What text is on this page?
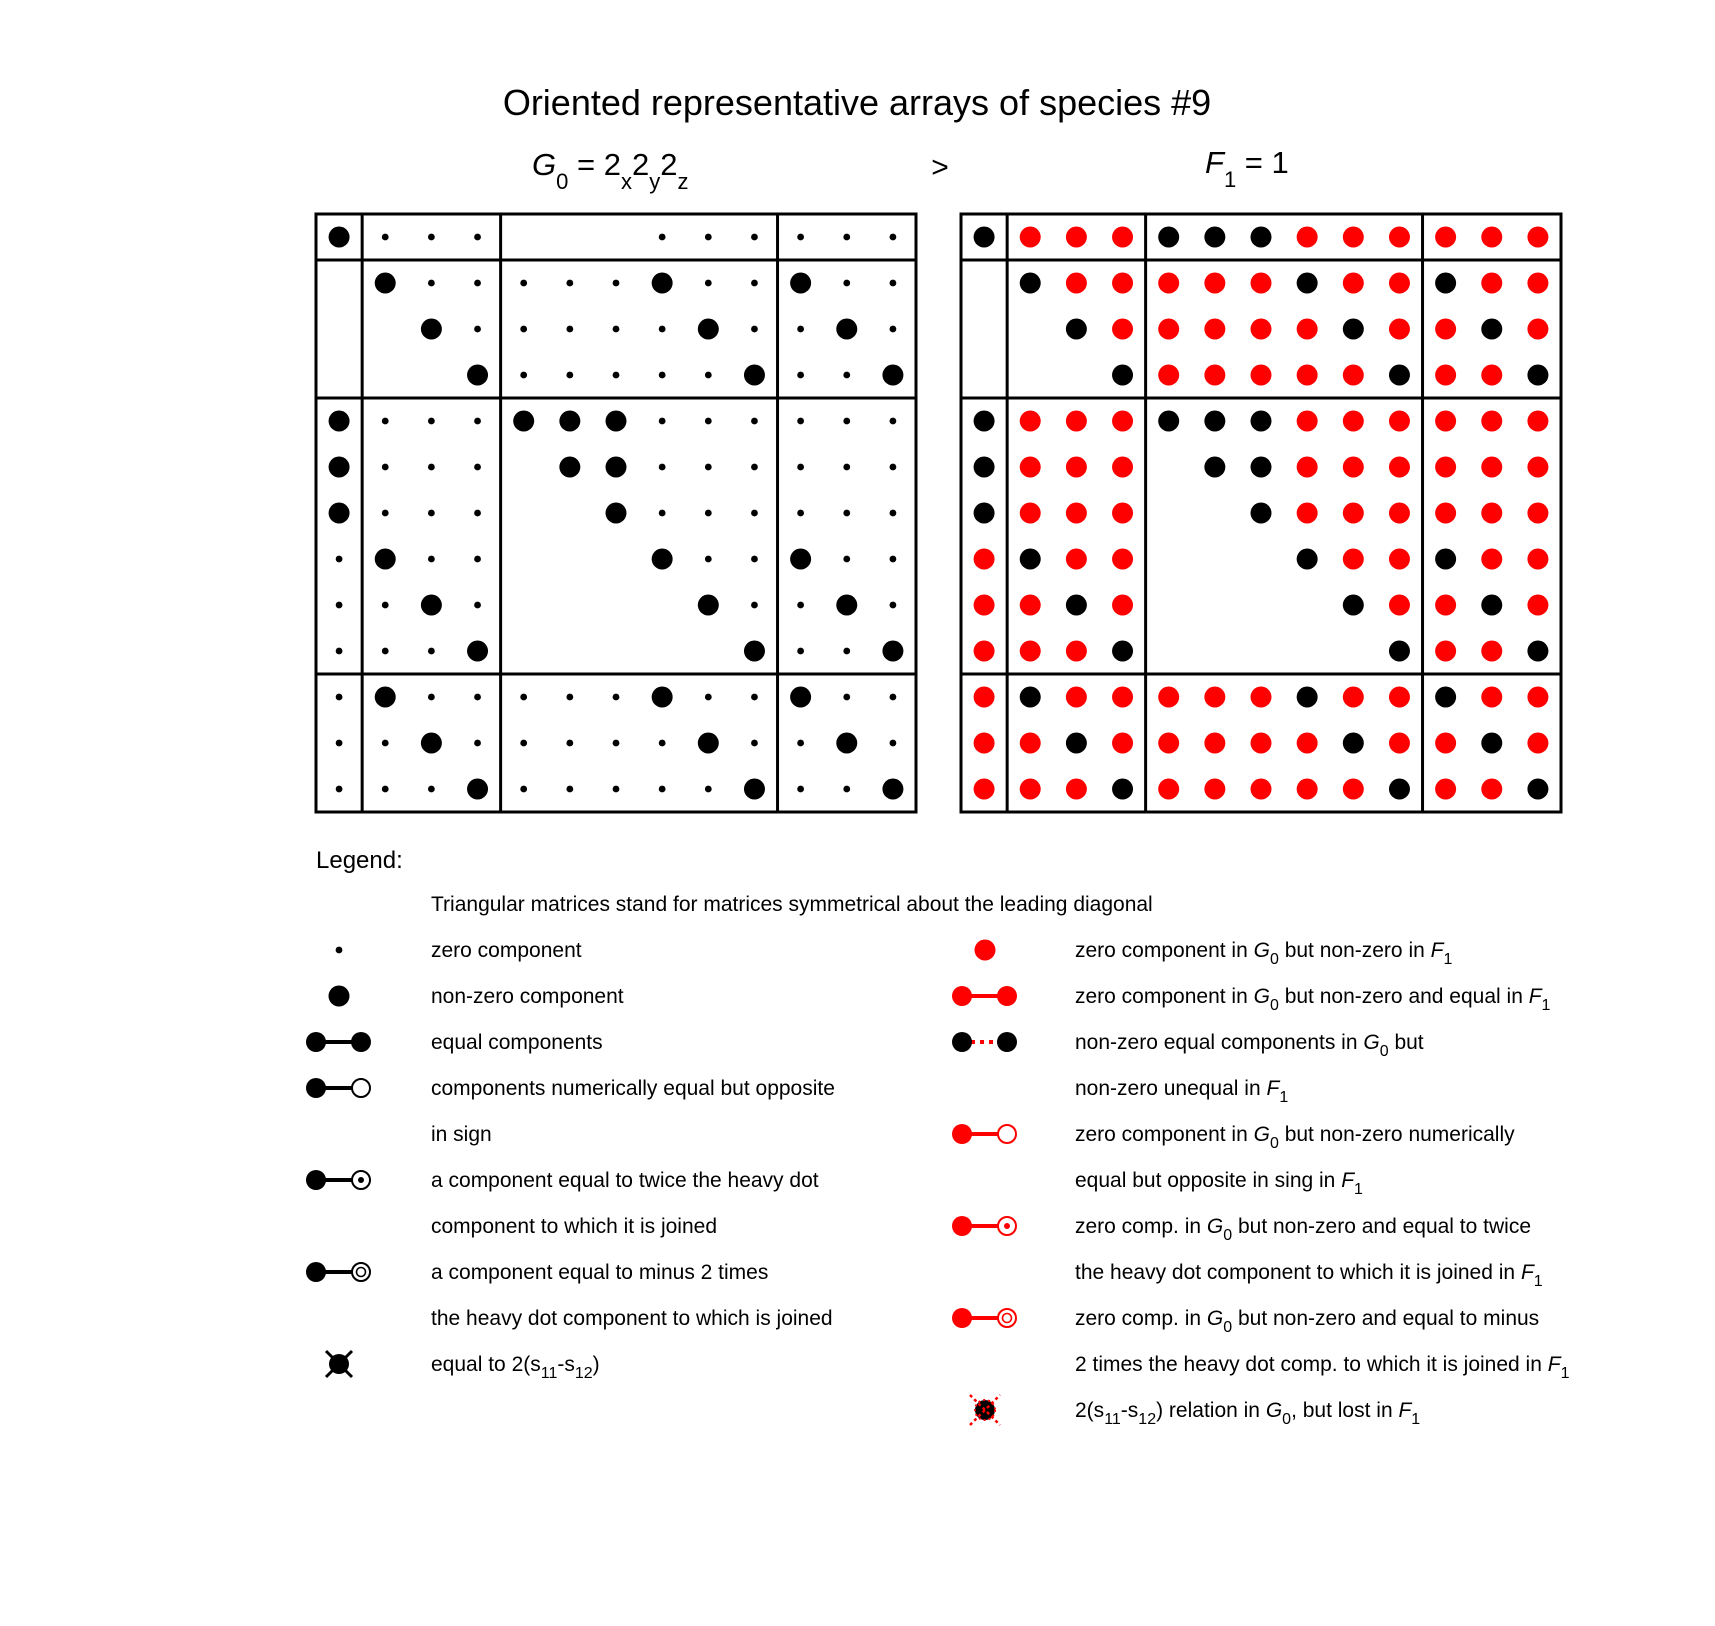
Oriented representative arrays of species #9
$G_0 = 2_x2_y2_z$	>	$F_1 = 1$
Legend:
Triangular matrices stand for matrices symmetrical about the leading diagonal
zero component
non-zero component
equal components
components numerically equal but opposite
in sign
a component equal to twice the heavy dot
component to which it is joined
a component equal to minus 2 times
the heavy dot component to which is joined
equal to $2(s_{11}-s_{12})$
zero component in $G_0$ but non-zero in $F_1$
zero component in $G_0$ but non-zero and equal in $F_1$
non-zero equal components in $G_0$ but
non-zero unequal in $F_1$
zero component in $G_0$ but non-zero numerically
equal but opposite in sing in $F_1$
zero comp. in $G_0$ but non-zero and equal to twice
the heavy dot component to which it is joined in $F_1$
zero comp. in $G_0$ but non-zero and equal to minus
2 times the heavy dot comp. to which it is joined in $F_1$
$2(s_{11}-s_{12})$ relation in $G_0$, but lost in $F_1$
